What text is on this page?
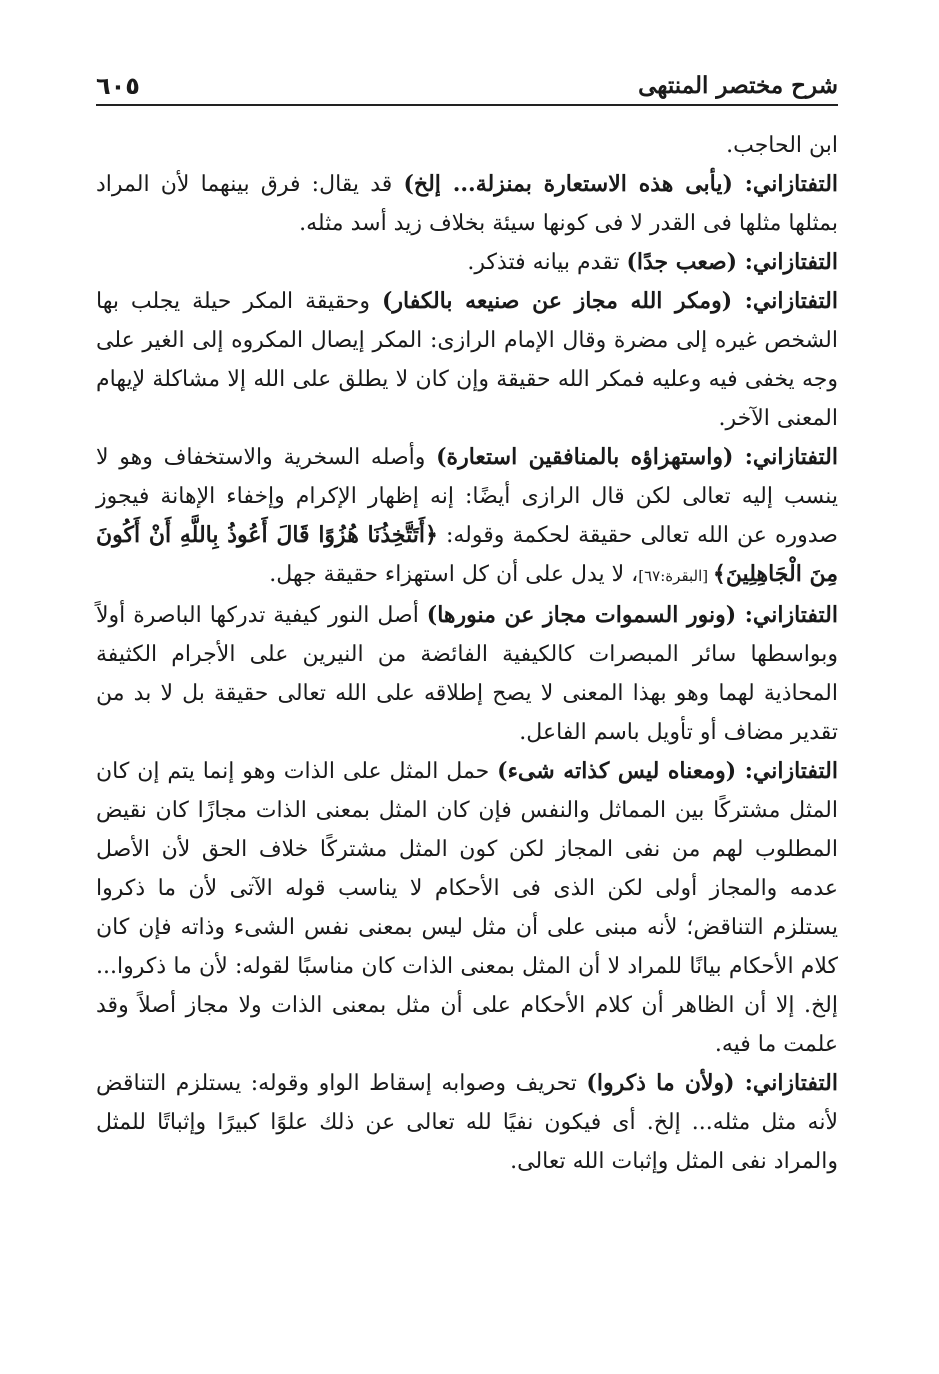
شرح مختصر المنتهى
٦٠٥

ابن الحاجب.

التفتازاني: (يأبى هذه الاستعارة بمنزلة... إلخ) قد يقال: فرق بينهما لأن المراد بمثلها مثلها فى القدر لا فى كونها سيئة بخلاف زيد أسد مثله.

التفتازاني: (صعب جدًا) تقدم بيانه فتذكر.

التفتازاني: (ومكر الله مجاز عن صنيعه بالكفار) وحقيقة المكر حيلة يجلب بها الشخص غيره إلى مضرة وقال الإمام الرازى: المكر إيصال المكروه إلى الغير على وجه يخفى فيه وعليه فمكر الله حقيقة وإن كان لا يطلق على الله إلا مشاكلة لإيهام المعنى الآخر.

التفتازاني: (واستهزاؤه بالمنافقين استعارة) وأصله السخرية والاستخفاف وهو لا ينسب إليه تعالى لكن قال الرازى أيضًا: إنه إظهار الإكرام وإخفاء الإهانة فيجوز صدوره عن الله تعالى حقيقة لحكمة وقوله: ﴿أَتَتَّخِذُنَا هُزُوًا قَالَ أَعُوذُ بِاللَّهِ أَنْ أَكُونَ مِنَ الْجَاهِلِينَ﴾ [البقرة:٦٧]، لا يدل على أن كل استهزاء حقيقة جهل.

التفتازاني: (ونور السموات مجاز عن منورها) أصل النور كيفية تدركها الباصرة أولاً وبواسطها سائر المبصرات كالكيفية الفائضة من النيرين على الأجرام الكثيفة المحاذية لهما وهو بهذا المعنى لا يصح إطلاقه على الله تعالى حقيقة بل لا بد من تقدير مضاف أو تأويل باسم الفاعل.

التفتازاني: (ومعناه ليس كذاته شىء) حمل المثل على الذات وهو إنما يتم إن كان المثل مشتركًا بين المماثل والنفس فإن كان المثل بمعنى الذات مجازًا كان نقيض المطلوب لهم من نفى المجاز لكن كون المثل مشتركًا خلاف الحق لأن الأصل عدمه والمجاز أولى لكن الذى فى الأحكام لا يناسب قوله الآتى لأن ما ذكروا يستلزم التناقض؛ لأنه مبنى على أن مثل ليس بمعنى نفس الشىء وذاته فإن كان كلام الأحكام بيانًا للمراد لا أن المثل بمعنى الذات كان مناسبًا لقوله: لأن ما ذكروا... إلخ. إلا أن الظاهر أن كلام الأحكام على أن مثل بمعنى الذات ولا مجاز أصلاً وقد علمت ما فيه.

التفتازاني: (ولأن ما ذكروا) تحريف وصوابه إسقاط الواو وقوله: يستلزم التناقض لأنه مثل مثله... إلخ. أى فيكون نفيًا لله تعالى عن ذلك علوًا كبيرًا وإثباتًا للمثل والمراد نفى المثل وإثبات الله تعالى.
